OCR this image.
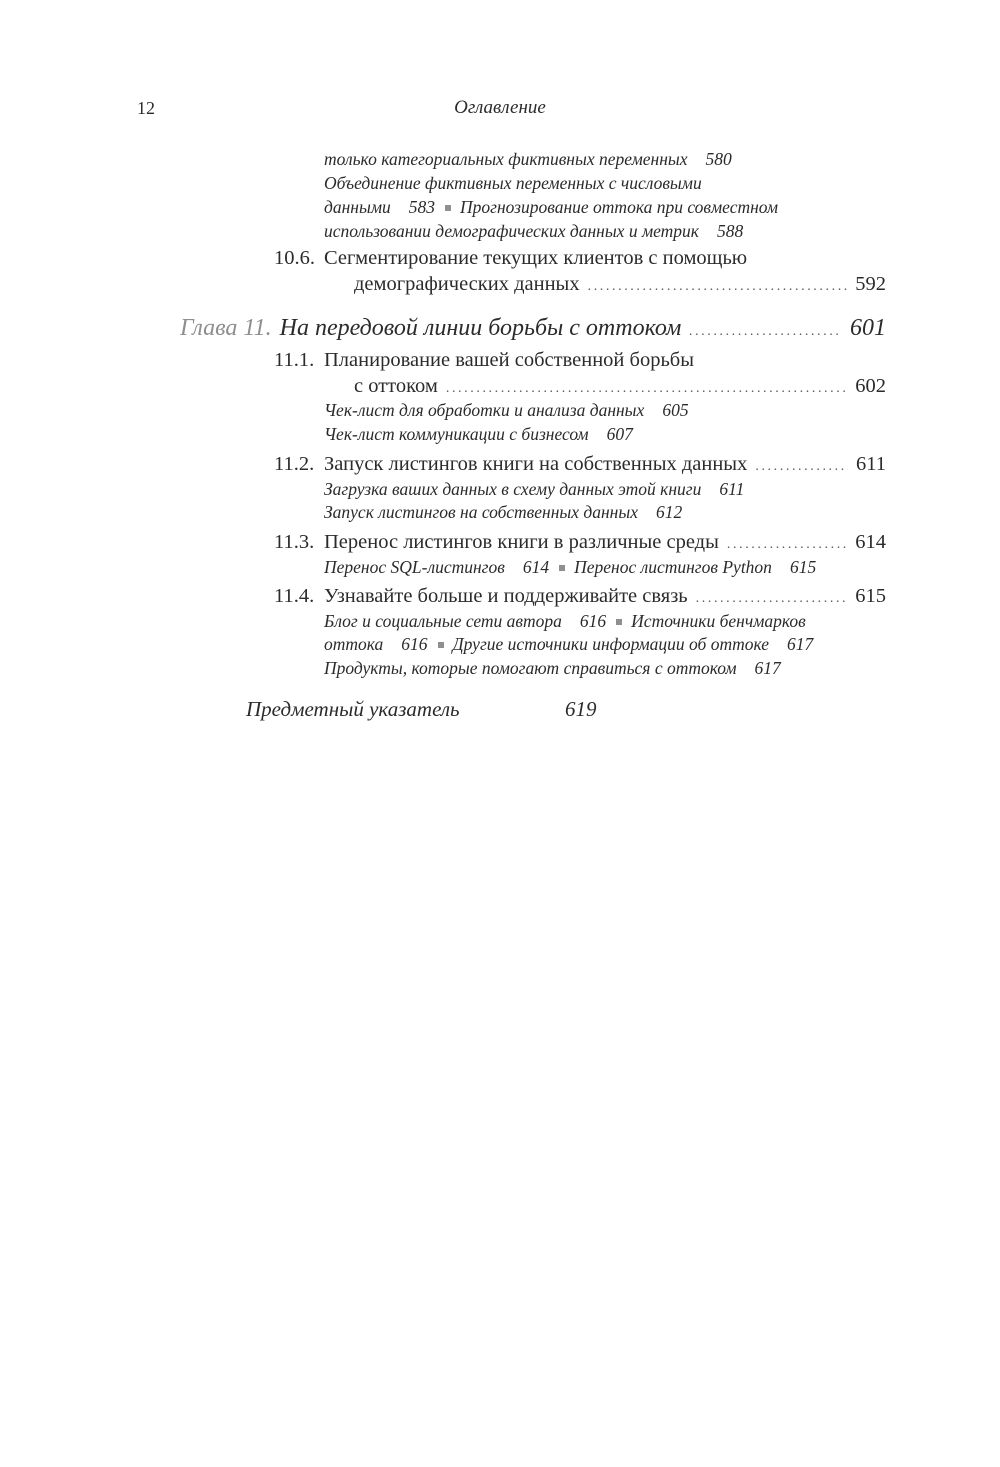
12	Оглавление
только категориальных фиктивных переменных 580
Объединение фиктивных переменных с числовыми
данными 583 Прогнозирование оттока при совместном
использовании демографических данных и метрик 588
10.6. Сегментирование текущих клиентов с помощью
демографических данных .....	592
Глава 11. На передовой линии борьбы с оттоком .....	601
11.1. Планирование вашей собственной борьбы
с оттоком .....	602
Чек-лист для обработки и анализа данных 605
Чек-лист коммуникации с бизнесом 607
11.2. Запуск листингов книги на собственных данных .....	611
Загрузка ваших данных в схему данных этой книги 611
Запуск листингов на собственных данных 612
11.3. Перенос листингов книги в различные среды .....	614
Перенос SQL-листингов 614 Перенос листингов Python 615
11.4. Узнавайте больше и поддерживайте связь .....	615
Блог и социальные сети автора 616 Источники бенчмарков
оттока 616 Другие источники информации об оттоке 617
Продукты, которые помогают справиться с оттоком 617
Предметный указатель	619
